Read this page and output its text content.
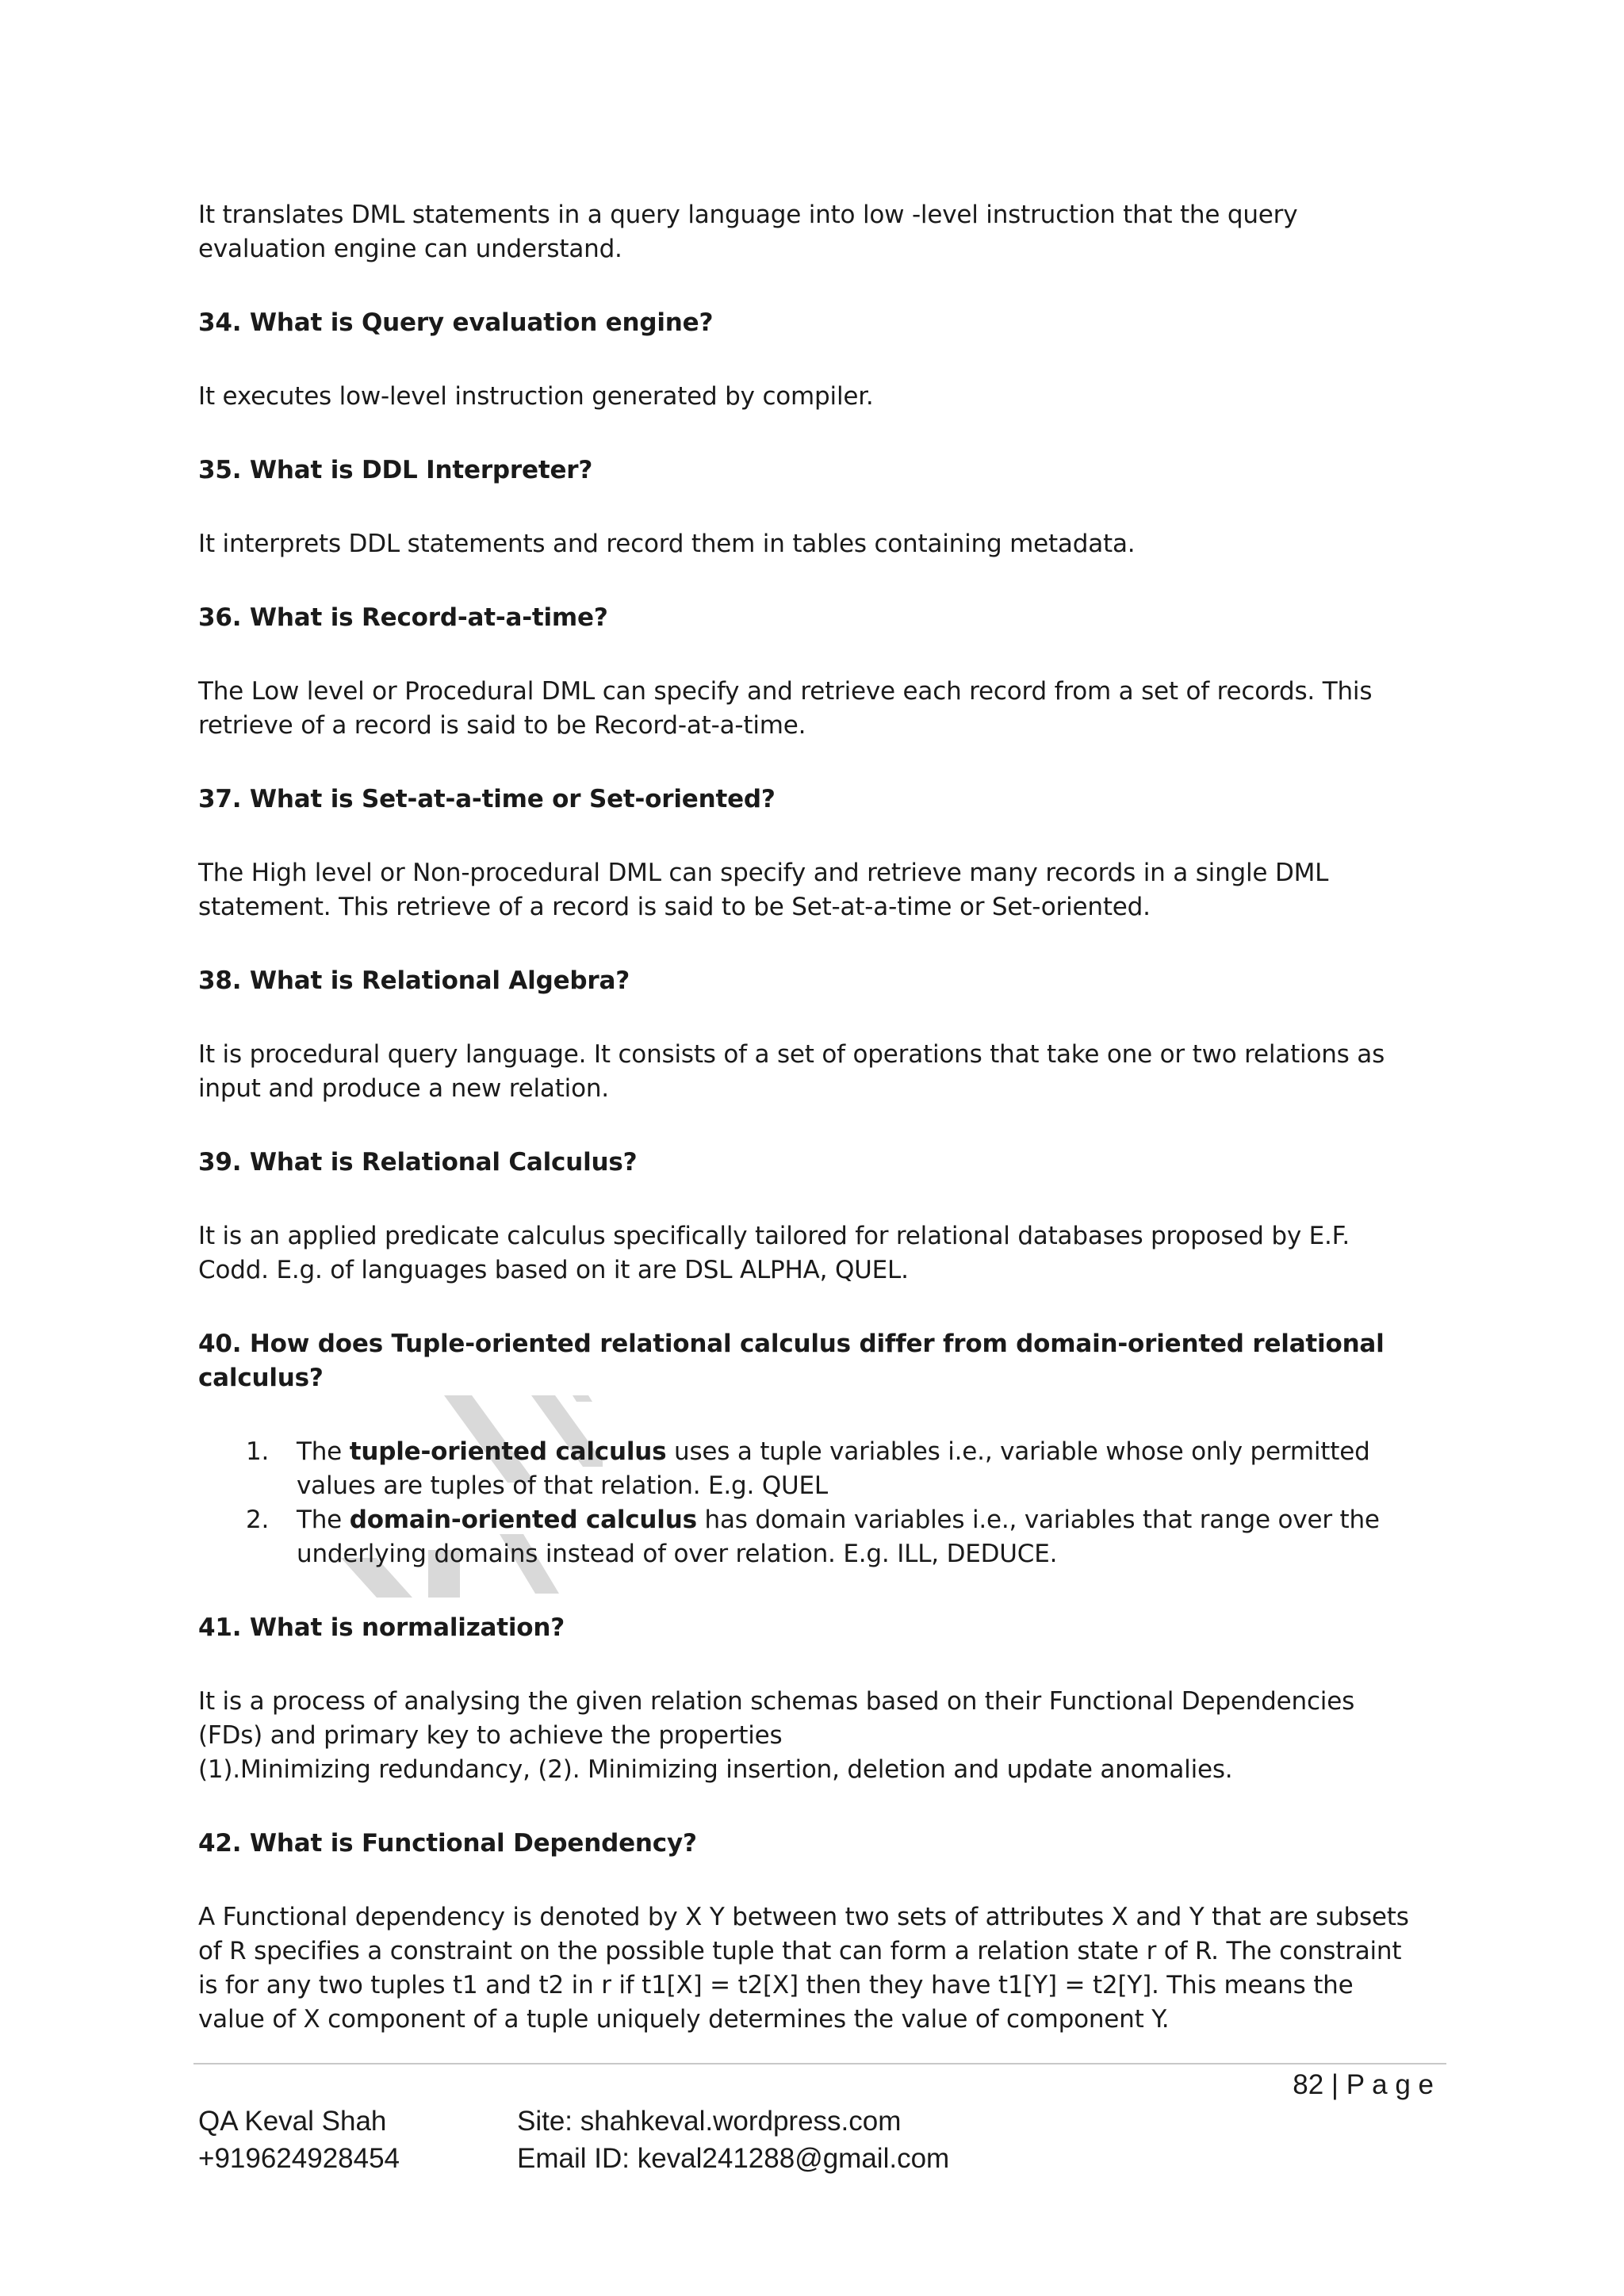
It translates DML statements in a query language into low -level instruction that the query

evaluation engine can understand.

34. What is Query evaluation engine?

It executes low-level instruction generated by compiler.

35. What is DDL Interpreter?

It interprets DDL statements and record them in tables containing metadata.

36. What is Record-at-a-time?

The Low level or Procedural DML can specify and retrieve each record from a set of records. This

retrieve of a record is said to be Record-at-a-time.

37. What is Set-at-a-time or Set-oriented?

The High level or Non-procedural DML can specify and retrieve many records in a single DML

statement. This retrieve of a record is said to be Set-at-a-time or Set-oriented.

38. What is Relational Algebra?

It is procedural query language. It consists of a set of operations that take one or two relations as

input and produce a new relation.

39. What is Relational Calculus?

It is an applied predicate calculus specifically tailored for relational databases proposed by E.F.

Codd. E.g. of languages based on it are DSL ALPHA, QUEL.

40. How does Tuple-oriented relational calculus differ from domain-oriented relational

calculus?

1. The tuple-oriented calculus uses a tuple variables i.e., variable whose only permitted
values are tuples of that relation. E.g. QUEL
2. The domain-oriented calculus has domain variables i.e., variables that range over the
underlying domains instead of over relation. E.g. ILL, DEDUCE.

41. What is normalization?

It is a process of analysing the given relation schemas based on their Functional Dependencies

(FDs) and primary key to achieve the properties

(1).Minimizing redundancy, (2). Minimizing insertion, deletion and update anomalies.

42. What is Functional Dependency?

A Functional dependency is denoted by X Y between two sets of attributes X and Y that are subsets

of R specifies a constraint on the possible tuple that can form a relation state r of R. The constraint

is for any two tuples t1 and t2 in r if t1[X] = t2[X] then they have t1[Y] = t2[Y]. This means the

value of X component of a tuple uniquely determines the value of component Y.

82 | P a g e
QA Keval Shah
+919624928454
Site: shahkeval.wordpress.com
Email ID: keval241288@gmail.com
